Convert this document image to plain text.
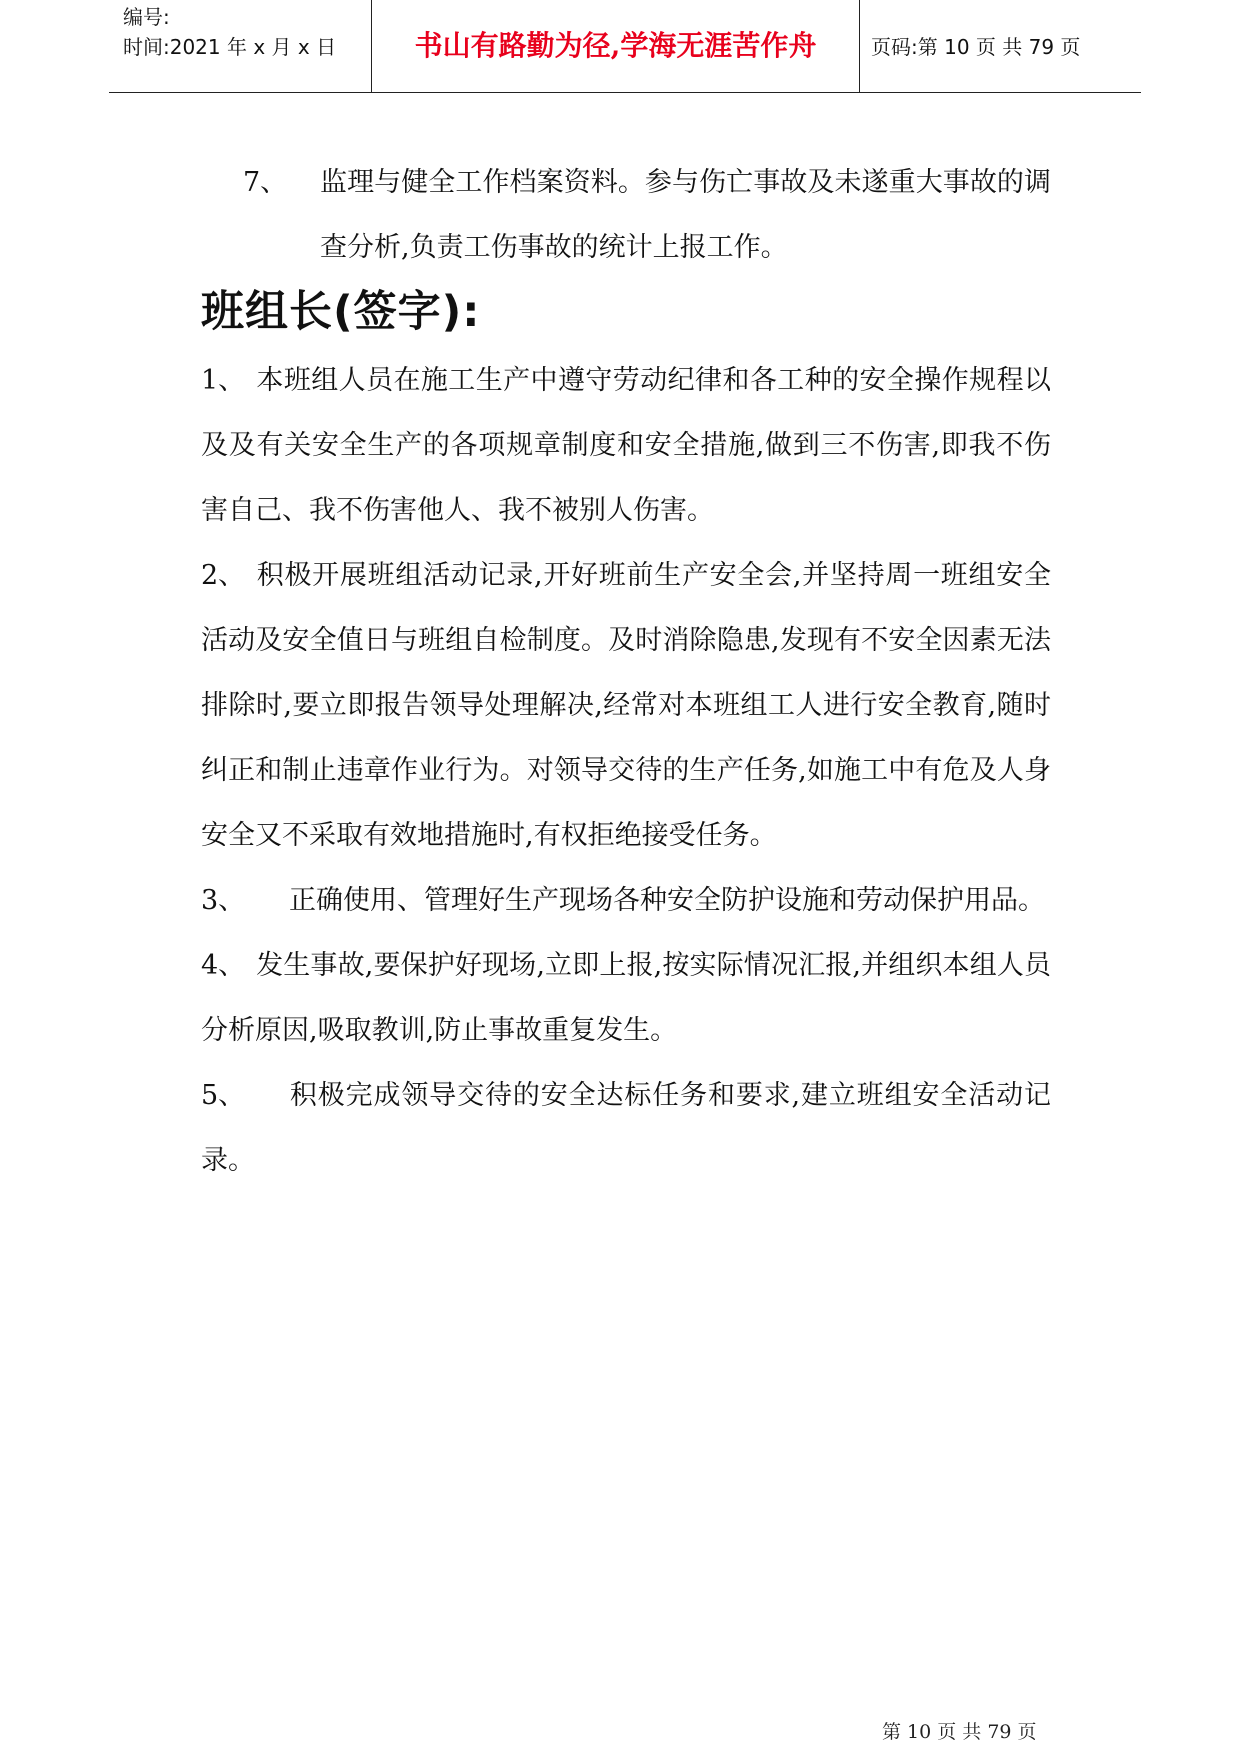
编号:
时间:2021 年 x 月 x 日	书山有路勤为径,学海无涯苦作舟	页码:第 10 页 共 79 页
7、 监理与健全工作档案资料。参与伤亡事故及未遂重大事故的调查分析,负责工伤事故的统计上报工作。
班组长(签字):
1、 本班组人员在施工生产中遵守劳动纪律和各工种的安全操作规程以及及有关安全生产的各项规章制度和安全措施,做到三不伤害,即我不伤害自己、我不伤害他人、我不被别人伤害。
2、 积极开展班组活动记录,开好班前生产安全会,并坚持周一班组安全活动及安全值日与班组自检制度。及时消除隐患,发现有不安全因素无法排除时,要立即报告领导处理解决,经常对本班组工人进行安全教育,随时纠正和制止违章作业行为。对领导交待的生产任务,如施工中有危及人身安全又不采取有效地措施时,有权拒绝接受任务。
3、 正确使用、管理好生产现场各种安全防护设施和劳动保护用品。
4、 发生事故,要保护好现场,立即上报,按实际情况汇报,并组织本组人员分析原因,吸取教训,防止事故重复发生。
5、 积极完成领导交待的安全达标任务和要求,建立班组安全活动记录。
第 10 页 共 79 页
